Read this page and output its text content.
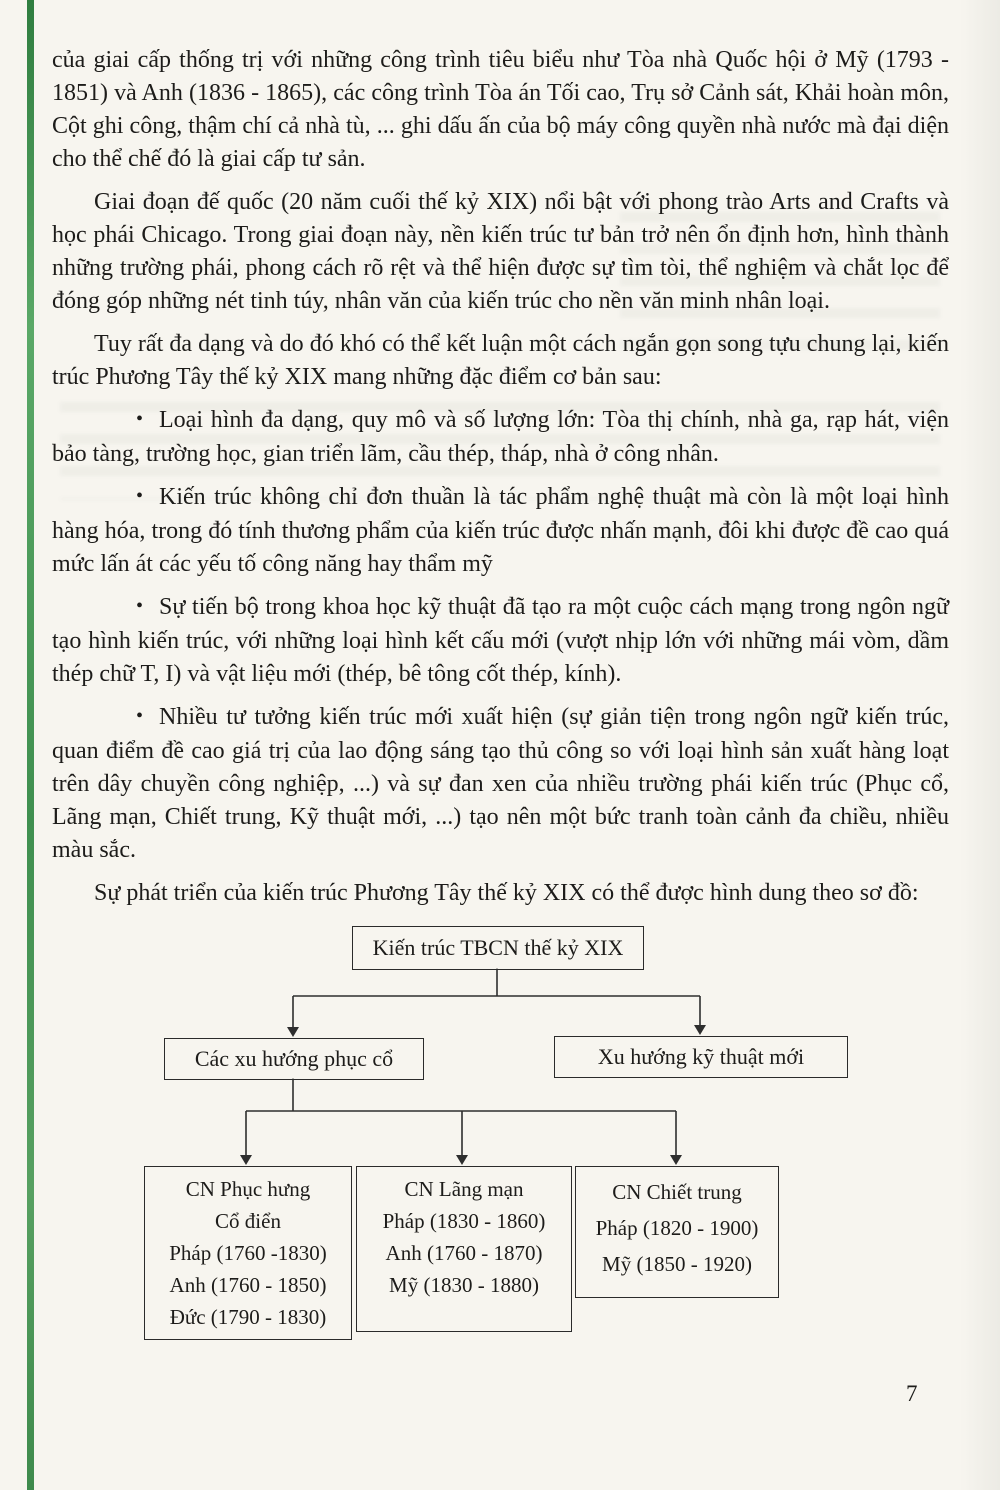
của giai cấp thống trị với những công trình tiêu biểu như Tòa nhà Quốc hội ở Mỹ (1793 - 1851) và Anh (1836 - 1865), các công trình Tòa án Tối cao, Trụ sở Cảnh sát, Khải hoàn môn, Cột ghi công, thậm chí cả nhà tù, ... ghi dấu ấn của bộ máy công quyền nhà nước mà đại diện cho thể chế đó là giai cấp tư sản.

Giai đoạn đế quốc (20 năm cuối thế kỷ XIX) nổi bật với phong trào Arts and Crafts và học phái Chicago. Trong giai đoạn này, nền kiến trúc tư bản trở nên ổn định hơn, hình thành những trường phái, phong cách rõ rệt và thể hiện được sự tìm tòi, thể nghiệm và chắt lọc để đóng góp những nét tinh túy, nhân văn của kiến trúc cho nền văn minh nhân loại.

Tuy rất đa dạng và do đó khó có thể kết luận một cách ngắn gọn song tựu chung lại, kiến trúc Phương Tây thế kỷ XIX mang những đặc điểm cơ bản sau:

• Loại hình đa dạng, quy mô và số lượng lớn: Tòa thị chính, nhà ga, rạp hát, viện bảo tàng, trường học, gian triển lãm, cầu thép, tháp, nhà ở công nhân.

• Kiến trúc không chỉ đơn thuần là tác phẩm nghệ thuật mà còn là một loại hình hàng hóa, trong đó tính thương phẩm của kiến trúc được nhấn mạnh, đôi khi được đề cao quá mức lấn át các yếu tố công năng hay thẩm mỹ

• Sự tiến bộ trong khoa học kỹ thuật đã tạo ra một cuộc cách mạng trong ngôn ngữ tạo hình kiến trúc, với những loại hình kết cấu mới (vượt nhịp lớn với những mái vòm, dầm thép chữ T, I) và vật liệu mới (thép, bê tông cốt thép, kính).

• Nhiều tư tưởng kiến trúc mới xuất hiện (sự giản tiện trong ngôn ngữ kiến trúc, quan điểm đề cao giá trị của lao động sáng tạo thủ công so với loại hình sản xuất hàng loạt trên dây chuyền công nghiệp, ...) và sự đan xen của nhiều trường phái kiến trúc (Phục cổ, Lãng mạn, Chiết trung, Kỹ thuật mới, ...) tạo nên một bức tranh toàn cảnh đa chiều, nhiều màu sắc.

Sự phát triển của kiến trúc Phương Tây thế kỷ XIX có thể được hình dung theo sơ đồ:

Kiến trúc TBCN thế kỷ XIX
Các xu hướng phục cổ	Xu hướng kỹ thuật mới
CN Phục hưng
Cổ điển
Pháp (1760 -1830)
Anh (1760 - 1850)
Đức (1790 - 1830)
CN Lãng mạn
Pháp (1830 - 1860)
Anh (1760 - 1870)
Mỹ (1830 - 1880)
CN Chiết trung
Pháp (1820 - 1900)
Mỹ (1850 - 1920)
7
